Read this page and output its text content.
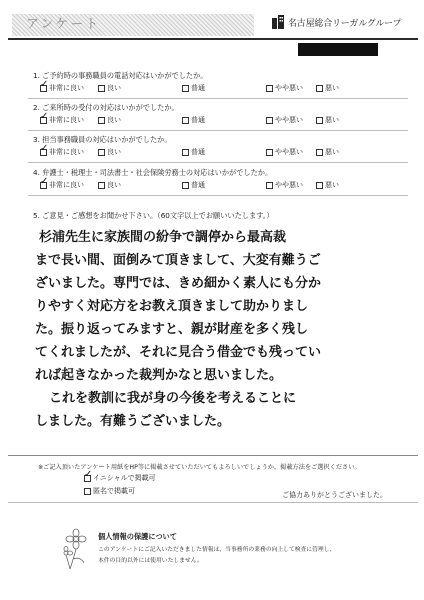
アンケート	名古屋総合リーガルグループ
1. ご予約時の事務職員の電話対応はいかがでしたか。
✓ 非常に良い	良い	普通	やや悪い	悪い
2. ご来所時の受付の対応はいかがでしたか。
✓ 非常に良い	良い	普通	やや悪い	悪い
3. 担当事務職員の対応はいかがでしたか。
✓ 非常に良い	良い	普通	やや悪い	悪い
4. 弁護士・税理士・司法書士・社会保険労務士の対応はいかがでしたか。
✓ 非常に良い	良い	普通	やや悪い	悪い
5. ご意見・ご感想をお聞かせ下さい。（60文字以上でお願いいたします。）
杉浦先生に家族間の紛争で調停から最高裁
まで長い間、面倒みて頂きまして、大変有難うご
ざいました。専門では、きめ細かく素人にも分か
りやすく対応方をお教え頂きまして助かりまし
た。振り返ってみますと、親が財産を多く残し
てくれましたが、それに見合う借金でも残ってい
れば起きなかった裁判かなと思いました。
これを教訓に我が身の今後を考えることに
しました。有難うございました。
※ご記入頂いたアンケート用紙をHP等に掲載させていただいてもよろしいでしょうか。掲載方法をご選択ください。
✓ イニシャルで掲載可
匿名で掲載可	ご協力ありがとうございました。
個人情報の保護について
このアンケートにご記入いただきました情報は、当事務所の業務の向上して検査に管理し、
本件の目的以外には使用いたしません。
